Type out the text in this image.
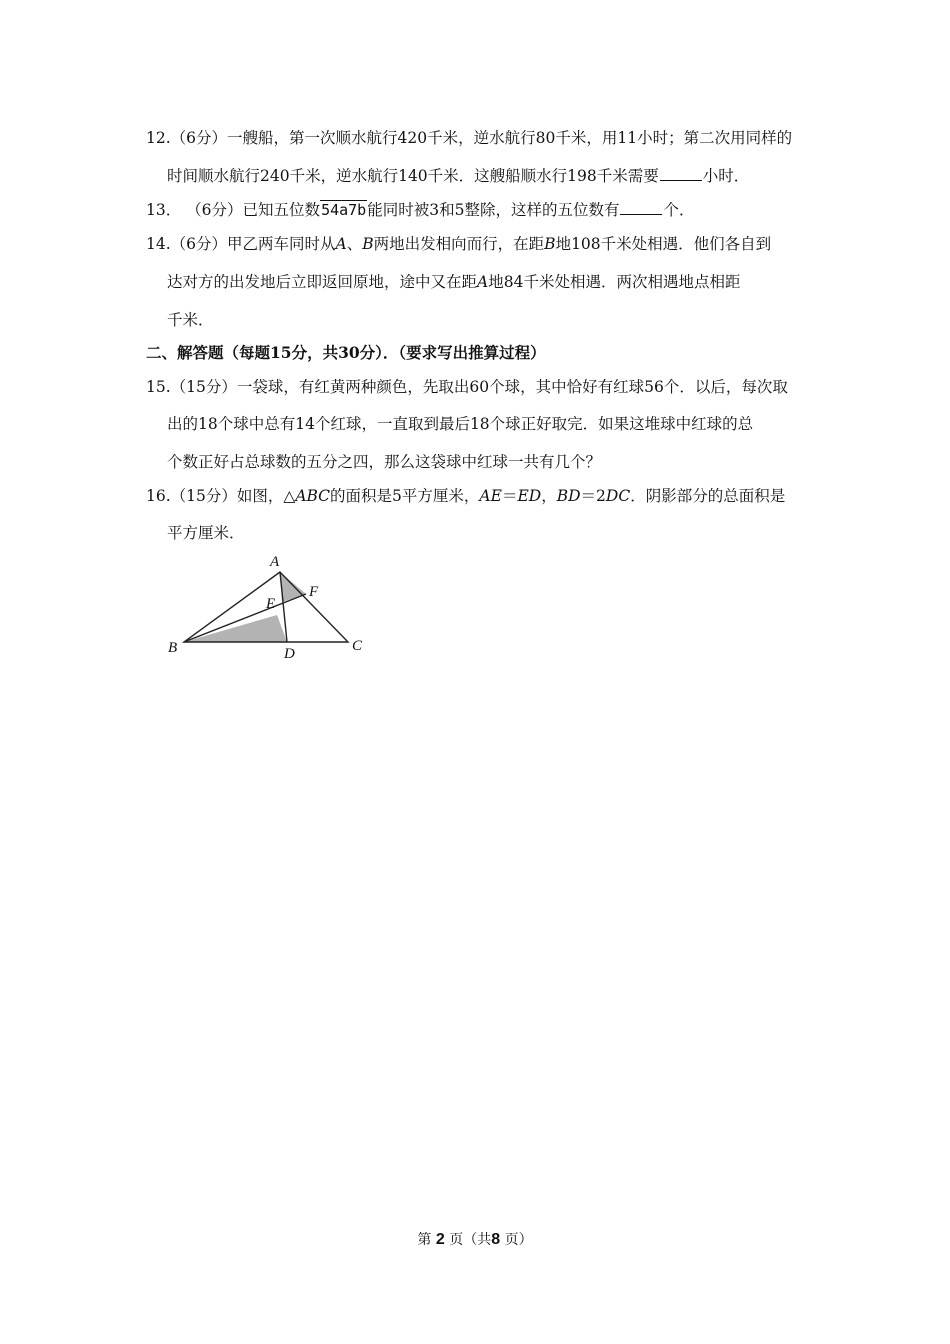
12.（6分）一艘船，第一次顺水航行420千米，逆水航行80千米，用11小时；第二次用同样的
时间顺水航行240千米，逆水航行140千米．这艘船顺水行198千米需要	小时．
13． （6分）已知五位数54a7b能同时被3和5整除，这样的五位数有	个．
14.（6分）甲乙两车同时从A、B两地出发相向而行，在距B地108千米处相遇．他们各自到
达对方的出发地后立即返回原地，途中又在距A地84千米处相遇．两次相遇地点相距
千米．
二、解答题（每题15分，共30分）．（要求写出推算过程）
15.（15分）一袋球，有红黄两种颜色，先取出60个球，其中恰好有红球56个．以后，每次取
出的18个球中总有14个红球，一直取到最后18个球正好取完．如果这堆球中红球的总
个数正好占总球数的五分之四，那么这袋球中红球一共有几个？
16.（15分）如图，△ABC的面积是5平方厘米，AE＝ED，BD＝2DC．阴影部分的总面积是
平方厘米．
A
B	C
D
E
F
第 2 页（共8 页）
